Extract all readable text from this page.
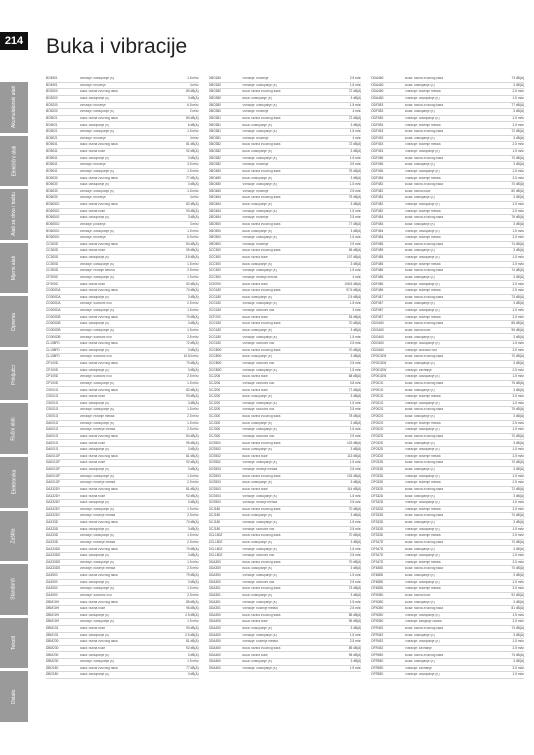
214 Buka i vibracije
Akumulatorski alati
Električni alati
Alati za drvo i baštu
Mjerni alati
Oprema
Priključci
Ručni alati
Elektronika
Zaštita
Standardi
Tekstil
Ostalo
BO4901	Vibracije: odstupanje (K)	1.5 m/s²
BO4901	Vibracije: brušenje	4 m/s²
BO5200	Buka: razina zvučnog tlaka	80 dB(A)
BO5200	Buka: odstupanje (K)	3 dB(A)
BO5200	Vibracije: brušenje	6.5 m/s²
BO5200	Vibracije: odstupanje (K)	2 m/s²
BO5021	Buka: razina zvučnog tlaka	80 dB(A)
BO5021	Buka: odstupanje (K)	6 dB(A)
BO5021	Vibracije: odstupanje (K)	1.5 m/s²
BO5021	Vibracije: brušenje	4 m/s²
BO5041	Buka: razina zvučnog tlaka	81 dB(A)
BO5041	Buka: razina buke	92 dB(A)
BO5041	Buka: odstupanje (K)	3 dB(A)
BO5041	Vibracije: brušenje	3.5 m/s²
BO5041	Vibracije: odstupanje (K)	1.5 m/s²
BO6030	Buka: razina zvučnog tlaka	77 dB(A)
BO6030	Buka: odstupanje (K)	3 dB(A)
BO6030	Vibracije: odstupanje (K)	1.5 m/s²
BO6030	Vibracije: brušenje	4 m/s²
BO6050J	Buka: razina zvučnog tlaka	82 dB(A)
BO6050J	Buka: razina buke	93 dB(A)
BO6050J	Buka: odstupanje (K)	3 dB(A)
BO6050J	Vibracije: poliranje	3 m/s²
BO6050J	Vibracije: odstupanje (K)	1.5 m/s²
BO6050J	Vibracije: brušenje	5.5 m/s²
CC300D	Buka: razina zvučnog tlaka	84 dB(A)
CC300D	Buka: razina buke	95 dB(A)
CC300D	Buka: odstupanje (K)	3.5 dB(A)
CC300D	Vibracije: odstupanje (K)	1.5 m/s²
CC300D	Vibracije: rezanje betona	2.5 m/s²
CF300D	Vibracije: odstupanje (K)	1.5 m/s²
CF300D	Buka: razina buke	52 dB(A)
CG000DA	Buka: razina zvučnog tlaka	70 dB(A)
CG000DA	Buka: odstupanje (K)	3 dB(A)
CG000DA	Vibracije: slobodni hod	2.5 m/s²
CG000DA	Vibracije: odstupanje (K)	1.5 m/s²
CG000DB	Buka: razina zvučnog tlaka	70 dB(A)
CG000DB	Buka: odstupanje (K)	3 dB(A)
CG000DB	Vibracije: odstupanje (K)	1.5 m/s²
CG000DB	Vibracije: slobodni hod	2.5 m/s²
CL108FD	Buka: razina zvučnog tlaka	72 dB(A)
CL108FD	Buka: odstupanje (K)	3 dB(A)
CL108FD	Vibracije: slobodni hod	10.54 m/s²
CP100D	Buka: razina zvučnog tlaka	70 dB(A)
CP100D	Buka: odstupanje (K)	3 dB(A)
CP100D	Vibracije: slobodni hod	2.5 m/s²
CP100D	Vibracije: odstupanje (K)	1.5 m/s²
CS001G	Buka: razina zvučnog tlaka	82 dB(A)
CS001G	Buka: razina buke	93 dB(A)
CS001G	Buka: odstupanje (K)	3 dB(A)
CS001G	Vibracije: odstupanje (K)	1.5 m/s²
CS001G	Vibracije: rezanje metala	2.5 m/s²
DA001G	Vibracije: odstupanje (K)	1.5 m/s²
DA001G	Vibracije: bušenje metala	2.5 m/s²
DA001G	Buka: razina zvučnog tlaka	84 dB(A)
DA001G	Buka: razina buke	95 dB(A)
DA001G	Buka: odstupanje (K)	3 dB(A)
DA001GF	Buka: razina zvučnog tlaka	81 dB(A)
DA001GF	Buka: razina buke	92 dB(A)
DA001GF	Buka: odstupanje (K)	3 dB(A)
DA001GF	Vibracije: odstupanje (K)	1.5 m/s²
DA001GF	Vibracije: bušenje metala	2.5 m/s²
DA332DY	Buka: razina zvučnog tlaka	81 dB(A)
DA332DY	Buka: razina buke	92 dB(A)
DA332DY	Buka: odstupanje (K)	3 dB(A)
DA332DY	Vibracije: odstupanje (K)	1.5 m/s²
DA332DY	Vibracije: bušenje metala	2.5 m/s²
DA333D	Buka: razina zvučnog tlaka	70 dB(A)
DA333D	Buka: odstupanje (K)	3 dB(A)
DA333D	Vibracije: odstupanje (K)	1.5 m/s²
DA333D	Vibracije: bušenje metala	2.5 m/s²
DA333DS	Buka: razina zvučnog tlaka	70 dB(A)
DA333DS	Buka: odstupanje (K)	3 dB(A)
DA333DS	Vibracije: odstupanje (K)	1.5 m/s²
DA333DS	Vibracije: bušenje metala	2.5 m/s²
DA3500	Buka: razina zvučnog tlaka	79 dB(A)
DA3500	Buka: odstupanje (K)	3 dB(A)
DA3500	Vibracije: odstupanje (K)	1.5 m/s²
DA3500	Vibracije: slobodni hod	2.5 m/s²
DBM10H	Buka: razina zvučnog tlaka	85 dB(A)
DBM10H	Buka: razina buke	96 dB(A)
DBM10H	Buka: odstupanje (K)	2.5 dB(A)
DBM10H	Vibracije: odstupanje (K)	1.5 m/s²
DBM131	Buka: razina buke	90 dB(A)
DBM131	Buka: odstupanje (K)	2.5 dB(A)
DBM230	Buka: razina zvučnog tlaka	81 dB(A)
DBM230	Buka: razina buke	92 dB(A)
DBM230	Buka: odstupanje (K)	3 dB(A)
DBM230	Vibracije: odstupanje (K)	1.5 m/s²
DBO180	Buka: razina zvučnog tlaka	77 dB(A)
DBO180	Buka: odstupanje (K)	3 dB(A)
DBO180	Vibracije: brušenje	2.5 m/s²
DBO180	Vibracije: odstupanje (K)	1.5 m/s²
DBO380	Buka: razina zvučnog tlaka	72 dB(A)
DBO380	Buka: odstupanje (K)	3 dB(A)
DBO380	Vibracije: odstupanje (K)	1.5 m/s²
DBO380	Vibracije: brušenje	4 m/s²
DBO381	Buka: razina zvučnog tlaka	72 dB(A)
DBO381	Buka: odstupanje (K)	3 dB(A)
DBO381	Vibracije: odstupanje (K)	1.5 m/s²
DBO381	Vibracije: brušenje	4 m/s²
DBO382	Buka: razina zvučnog tlaka	72 dB(A)
DBO382	Buka: odstupanje (K)	3 dB(A)
DBO382	Vibracije: odstupanje (K)	1.5 m/s²
DBO382	Vibracije: brušenje	3.5 m/s²
DBO480	Buka: razina zvučnog tlaka	75 dB(A)
DBO480	Buka: odstupanje (K)	3 dB(A)
DBO480	Vibracije: odstupanje (K)	1.5 m/s²
DBO480	Vibracije: brušenje	2.5 m/s²
DBO484	Buka: razina zvučnog tlaka	75 dB(A)
DBO484	Buka: odstupanje (K)	3 dB(A)
DBO484	Vibracije: odstupanje (K)	1.5 m/s²
DBO484	Vibracije: brušenje	2.5 m/s²
DBO500	Buka: razina zvučnog tlaka	77 dB(A)
DBO500	Buka: odstupanje (K)	3 dB(A)
DBO500	Vibracije: odstupanje (K)	1.5 m/s²
DBO500	Vibracije: brušenje	2.5 m/s²
DCC500	Buka: razina zvučnog tlaka	96 dB(A)
DCC500	Buka: razina buke	107 dB(A)
DCC500	Buka: odstupanje (K)	3 dB(A)
DCC500	Vibracije: odstupanje (K)	1.5 m/s²
DCC500	Vibracije: rezanje betona	4 m/s²
DCE090	Buka: razina buke	108.5 dB(A)
DCG180	Buka: razina zvučnog tlaka	97.5 dB(A)
DCG180	Buka: odstupanje (K)	2.5 dB(A)
DCG180	Vibracije: odstupanje (K)	1.5 m/s²
DCG180	Vibracije: slobodni hod	3 m/s²
DCF203	Buka: razina buke	53 dB(A)
DCG180	Buka: razina zvučnog tlaka	70 dB(A)
DCG180	Buka: odstupanje (K)	3 dB(A)
DCG180	Vibracije: odstupanje (K)	1.5 m/s²
DCG180	Vibracije: slobodni hod	2.5 m/s²
DCGB00	Buka: razina zvučnog tlaka	70 dB(A)
DCGB00	Buka: odstupanje (K)	3 dB(A)
DCGB00	Vibracije: slobodni hod	2.5 m/s²
DCGB00	Vibracije: odstupanje (K)	1.5 m/s²
DCJ206	Buka: razina buke	68 dB(A)
DCJ206	Vibracije: slobodni hod	0.8 m/s²
DCJ200	Buka: razina buke	77 dB(A)
DCJ200	Buka: odstupanje (K)	3 dB(A)
DCJ200	Vibracije: odstupanje (K)	1.5 m/s²
DCJ200	Vibracije: slobodni hod	2.5 m/s²
DCJ300	Buka: razina zvučnog tlaka	78 dB(A)
DCJ300	Buka: odstupanje (K)	3 dB(A)
DCJ300	Vibracije: odstupanje (K)	1.5 m/s²
DCJ300	Vibracije: slobodni hod	2.5 m/s²
DCS552	Buka: razina zvučnog tlaka	102 dB(A)
DCS552	Buka: odstupanje (K)	3 dB(A)
DCS552	Buka: razina buke	113 dB(A)
DCS552	Vibracije: odstupanje (K)	1.5 m/s²
DCS553	Vibracije: rezanje metala	2.5 m/s²
DCS553	Buka: razina zvučnog tlaka	103 dB(A)
DCS553	Buka: odstupanje (K)	3 dB(A)
DCS553	Buka: razina buke	114 dB(A)
DCS553	Vibracije: odstupanje (K)	1.5 m/s²
DCS553	Vibracije: rezanje metala	2.5 m/s²
DCJ180	Buka: razina zvučnog tlaka	70 dB(A)
DCJ180	Buka: odstupanje (K)	3 dB(A)
DCJ180	Vibracije: odstupanje (K)	1.5 m/s²
DCJ180	Vibracije: slobodni hod	2.5 m/s²
DCL180Z	Buka: razina zvučnog tlaka	70 dB(A)
DCL180Z	Buka: odstupanje (K)	3 dB(A)
DCL180Z	Vibracije: odstupanje (K)	1.5 m/s²
DCL180Z	Vibracije: slobodni hod	2.5 m/s²
DDA350	Buka: razina zvučnog tlaka	70 dB(A)
DDA350	Buka: odstupanje (K)	3 dB(A)
DDA350	Vibracije: odstupanje (K)	1.5 m/s²
DDA350	Vibracije: slobodni hod	2.5 m/s²
DDA351	Buka: razina zvučnog tlaka	73 dB(A)
DDA351	Buka: odstupanje (K)	3 dB(A)
DDA351	Vibracije: odstupanje (K)	1.5 m/s²
DDA351	Vibracije: bušenje metala	2.5 m/s²
DDA450	Buka: razina zvučnog tlaka	85 dB(A)
DDA450	Buka: razina buke	96 dB(A)
DDA450	Buka: odstupanje (K)	3 dB(A)
DDA450	Vibracije: odstupanje (K)	1.5 m/s²
DDA450	Vibracije: bušenje metala	2.5 m/s²
DDA460	Buka: razina zvučnog tlaka	85 dB(A)
DDA460	Buka: razina buke	96 dB(A)
DDA460	Buka: odstupanje (K)	3 dB(A)
DDA460	Vibracije: odstupanje (K)	1.5 m/s²
DDA460	Buka: razina zvučnog tlaka	73 dB(A)
DDA460	Buka: odstupanje (K)	3 dB(A)
DDA460	Vibracije: bušenje metala	2.5 m/s²
DDA460	Vibracije: odstupanje (K)	1.5 m/s²
DDF083	Buka: razina zvučnog tlaka	77 dB(A)
DDF083	Buka: odstupanje (K)	3 dB(A)
DDF083	Vibracije: odstupanje (K)	1.5 m/s²
DDF083	Vibracije: bušenje metala	2.5 m/s²
DDF453	Buka: razina zvučnog tlaka	72 dB(A)
DDF453	Buka: odstupanje (K)	3 dB(A)
DDF453	Vibracije: bušenje metala	2.5 m/s²
DDF453	Vibracije: odstupanje (K)	1.5 m/s²
DDF456	Buka: razina zvučnog tlaka	70 dB(A)
DDF456	Buka: odstupanje (K)	3 dB(A)
DDF456	Vibracije: odstupanje (K)	1.5 m/s²
DDF456	Vibracije: bušenje metala	2.5 m/s²
DDF482	Buka: razina zvučnog tlaka	70 dB(A)
DDF482	Buka: razina buke	80 dB(A)
DDF482	Buka: odstupanje (K)	3 dB(A)
DDF482	Vibracije: odstupanje (K)	1.5 m/s²
DDF482	Vibracije: bušenje metala	2.5 m/s²
DDF484	Buka: razina zvučnog tlaka	78 dB(A)
DDF484	Buka: odstupanje (K)	3 dB(A)
DDF484	Vibracije: odstupanje (K)	1.5 m/s²
DDF484	Vibracije: bušenje metala	2.5 m/s²
DDF485	Buka: razina zvučnog tlaka	74 dB(A)
DDF485	Buka: odstupanje (K)	3 dB(A)
DDF485	Vibracije: odstupanje (K)	1.5 m/s²
DDF485	Vibracije: bušenje metala	2.5 m/s²
DDF486	Buka: razina zvučnog tlaka	74 dB(A)
DDF486	Buka: odstupanje (K)	3 dB(A)
DDF486	Vibracije: odstupanje (K)	1.5 m/s²
DDF486	Vibracije: bušenje metala	2.5 m/s²
DDF487	Buka: razina zvučnog tlaka	73 dB(A)
DDF487	Buka: odstupanje (K)	3 dB(A)
DDF487	Vibracije: odstupanje (K)	1.5 m/s²
DDF487	Vibracije: bušenje metala	2.5 m/s²
DDG460	Buka: razina zvučnog tlaka	85 dB(A)
DDG460	Buka: razina buke	96 dB(A)
DDG460	Buka: odstupanje (K)	3 dB(A)
DDG460	Vibracije: odstupanje (K)	1.5 m/s²
DDG460	Vibracije: slobodni hod	2.5 m/s²
DF001DW	Buka: razina zvučnog tlaka	70 dB(A)
DF001DW	Buka: odstupanje (K)	3 dB(A)
DF001DW	Vibracije: zavrtanje	2.5 m/s²
DF001DW	Vibracije: odstupanje (K)	1.5 m/s²
DF001G	Buka: razina zvučnog tlaka	75 dB(A)
DF001G	Buka: odstupanje (K)	3 dB(A)
DF001G	Vibracije: bušenje metala	2.5 m/s²
DF001G	Vibracije: odstupanje (K)	1.5 m/s²
DF002G	Buka: razina zvučnog tlaka	75 dB(A)
DF002G	Buka: odstupanje (K)	3 dB(A)
DF002G	Vibracije: bušenje metala	2.5 m/s²
DF002G	Vibracije: odstupanje (K)	1.5 m/s²
DF032D	Buka: razina zvučnog tlaka	70 dB(A)
DF032D	Buka: odstupanje (K)	3 dB(A)
DF032D	Vibracije: odstupanje (K)	1.5 m/s²
DF032D	Vibracije: bušenje metala	2.5 m/s²
DF033D	Buka: razina zvučnog tlaka	70 dB(A)
DF033D	Buka: odstupanje (K)	3 dB(A)
DF033D	Vibracije: odstupanje (K)	1.5 m/s²
DF033D	Vibracije: bušenje metala	2.5 m/s²
DF332D	Buka: razina zvučnog tlaka	72 dB(A)
DF332D	Buka: odstupanje (K)	3 dB(A)
DF332D	Vibracije: odstupanje (K)	1.5 m/s²
DF332D	Vibracije: bušenje metala	2.5 m/s²
DF333D	Buka: razina zvučnog tlaka	70 dB(A)
DF333D	Buka: odstupanje (K)	3 dB(A)
DF333D	Vibracije: odstupanje (K)	1.5 m/s²
DF333D	Vibracije: bušenje metala	2.5 m/s²
DF347D	Buka: razina zvučnog tlaka	70 dB(A)
DF347D	Buka: odstupanje (K)	3 dB(A)
DF347D	Vibracije: odstupanje (K)	1.5 m/s²
DF347D	Vibracije: bušenje metala	2.5 m/s²
DF488D	Buka: razina zvučnog tlaka	70 dB(A)
DF488D	Buka: odstupanje (K)	3 dB(A)
DF488D	Vibracije: odstupanje (K)	1.5 m/s²
DF488D	Vibracije: bušenje metala	2.5 m/s²
DFN350	Buka: razina buke	92 dB(A)
DFN350	Buka: odstupanje (K)	3 dB(A)
DFN350	Buka: razina zvučnog tlaka	81 dB(A)
DFN350	Vibracije: odstupanje (K)	1.5 m/s²
DFN350	Vibracije: zabijanje čavala	2.5 m/s²
DFR452	Buka: razina zvučnog tlaka	73 dB(A)
DFR452	Buka: odstupanje (K)	3 dB(A)
DFR452	Vibracije: odstupanje (K)	1.5 m/s²
DFR452	Vibracije: zavrtanje	2.5 m/s²
DFR550	Buka: razina zvučnog tlaka	73 dB(A)
DFR550	Buka: odstupanje (K)	3 dB(A)
DFR550	Vibracije: zavrtanje	2.5 m/s²
DFR550	Vibracije: odstupanje (K)	1.5 m/s²
